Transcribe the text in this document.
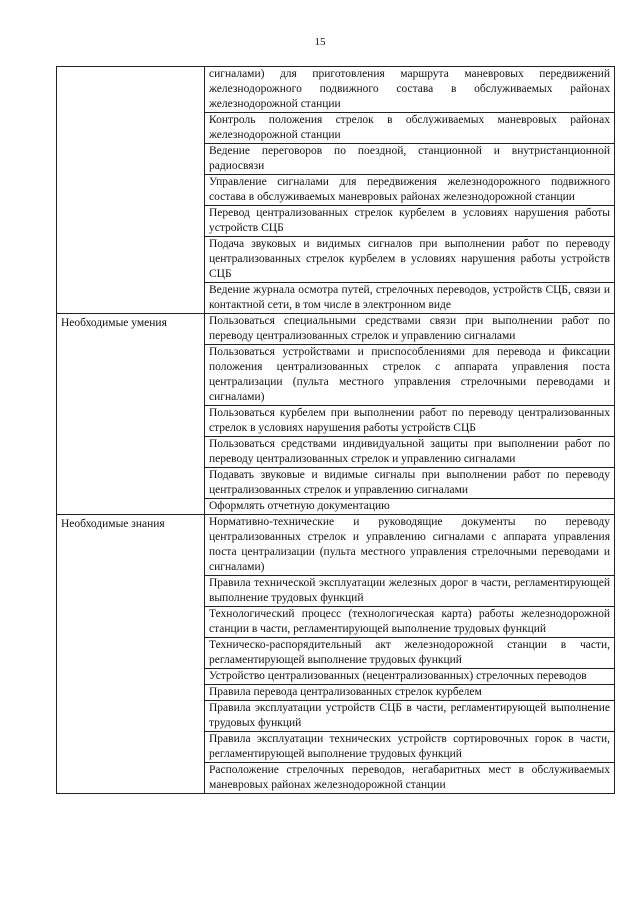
15
	сигналами) для приготовления маршрута маневровых передвижений железнодорожного подвижного состава в обслуживаемых районах железнодорожной станции
	Контроль положения стрелок в обслуживаемых маневровых районах железнодорожной станции
	Ведение переговоров по поездной, станционной и внутристанционной радиосвязи
	Управление сигналами для передвижения железнодорожного подвижного состава в обслуживаемых маневровых районах железнодорожной станции
	Перевод централизованных стрелок курбелем в условиях нарушения работы устройств СЦБ
	Подача звуковых и видимых сигналов при выполнении работ по переводу централизованных стрелок курбелем в условиях нарушения работы устройств СЦБ
	Ведение журнала осмотра путей, стрелочных переводов, устройств СЦБ, связи и контактной сети, в том числе в электронном виде
Необходимые умения	Пользоваться специальными средствами связи при выполнении работ по переводу централизованных стрелок и управлению сигналами
	Пользоваться устройствами и приспособлениями для перевода и фиксации положения централизованных стрелок с аппарата управления поста централизации (пульта местного управления стрелочными переводами и сигналами)
	Пользоваться курбелем при выполнении работ по переводу централизованных стрелок в условиях нарушения работы устройств СЦБ
	Пользоваться средствами индивидуальной защиты при выполнении работ по переводу централизованных стрелок и управлению сигналами
	Подавать звуковые и видимые сигналы при выполнении работ по переводу централизованных стрелок и управлению сигналами
	Оформлять отчетную документацию
Необходимые знания	Нормативно-технические и руководящие документы по переводу централизованных стрелок и управлению сигналами с аппарата управления поста централизации (пульта местного управления стрелочными переводами и сигналами)
	Правила технической эксплуатации железных дорог в части, регламентирующей выполнение трудовых функций
	Технологический процесс (технологическая карта) работы железнодорожной станции в части, регламентирующей выполнение трудовых функций
	Техническо-распорядительный акт железнодорожной станции в части, регламентирующей выполнение трудовых функций
	Устройство централизованных (нецентрализованных) стрелочных переводов
	Правила перевода централизованных стрелок курбелем
	Правила эксплуатации устройств СЦБ в части, регламентирующей выполнение трудовых функций
	Правила эксплуатации технических устройств сортировочных горок в части, регламентирующей выполнение трудовых функций
	Расположение стрелочных переводов, негабаритных мест в обслуживаемых маневровых районах железнодорожной станции
